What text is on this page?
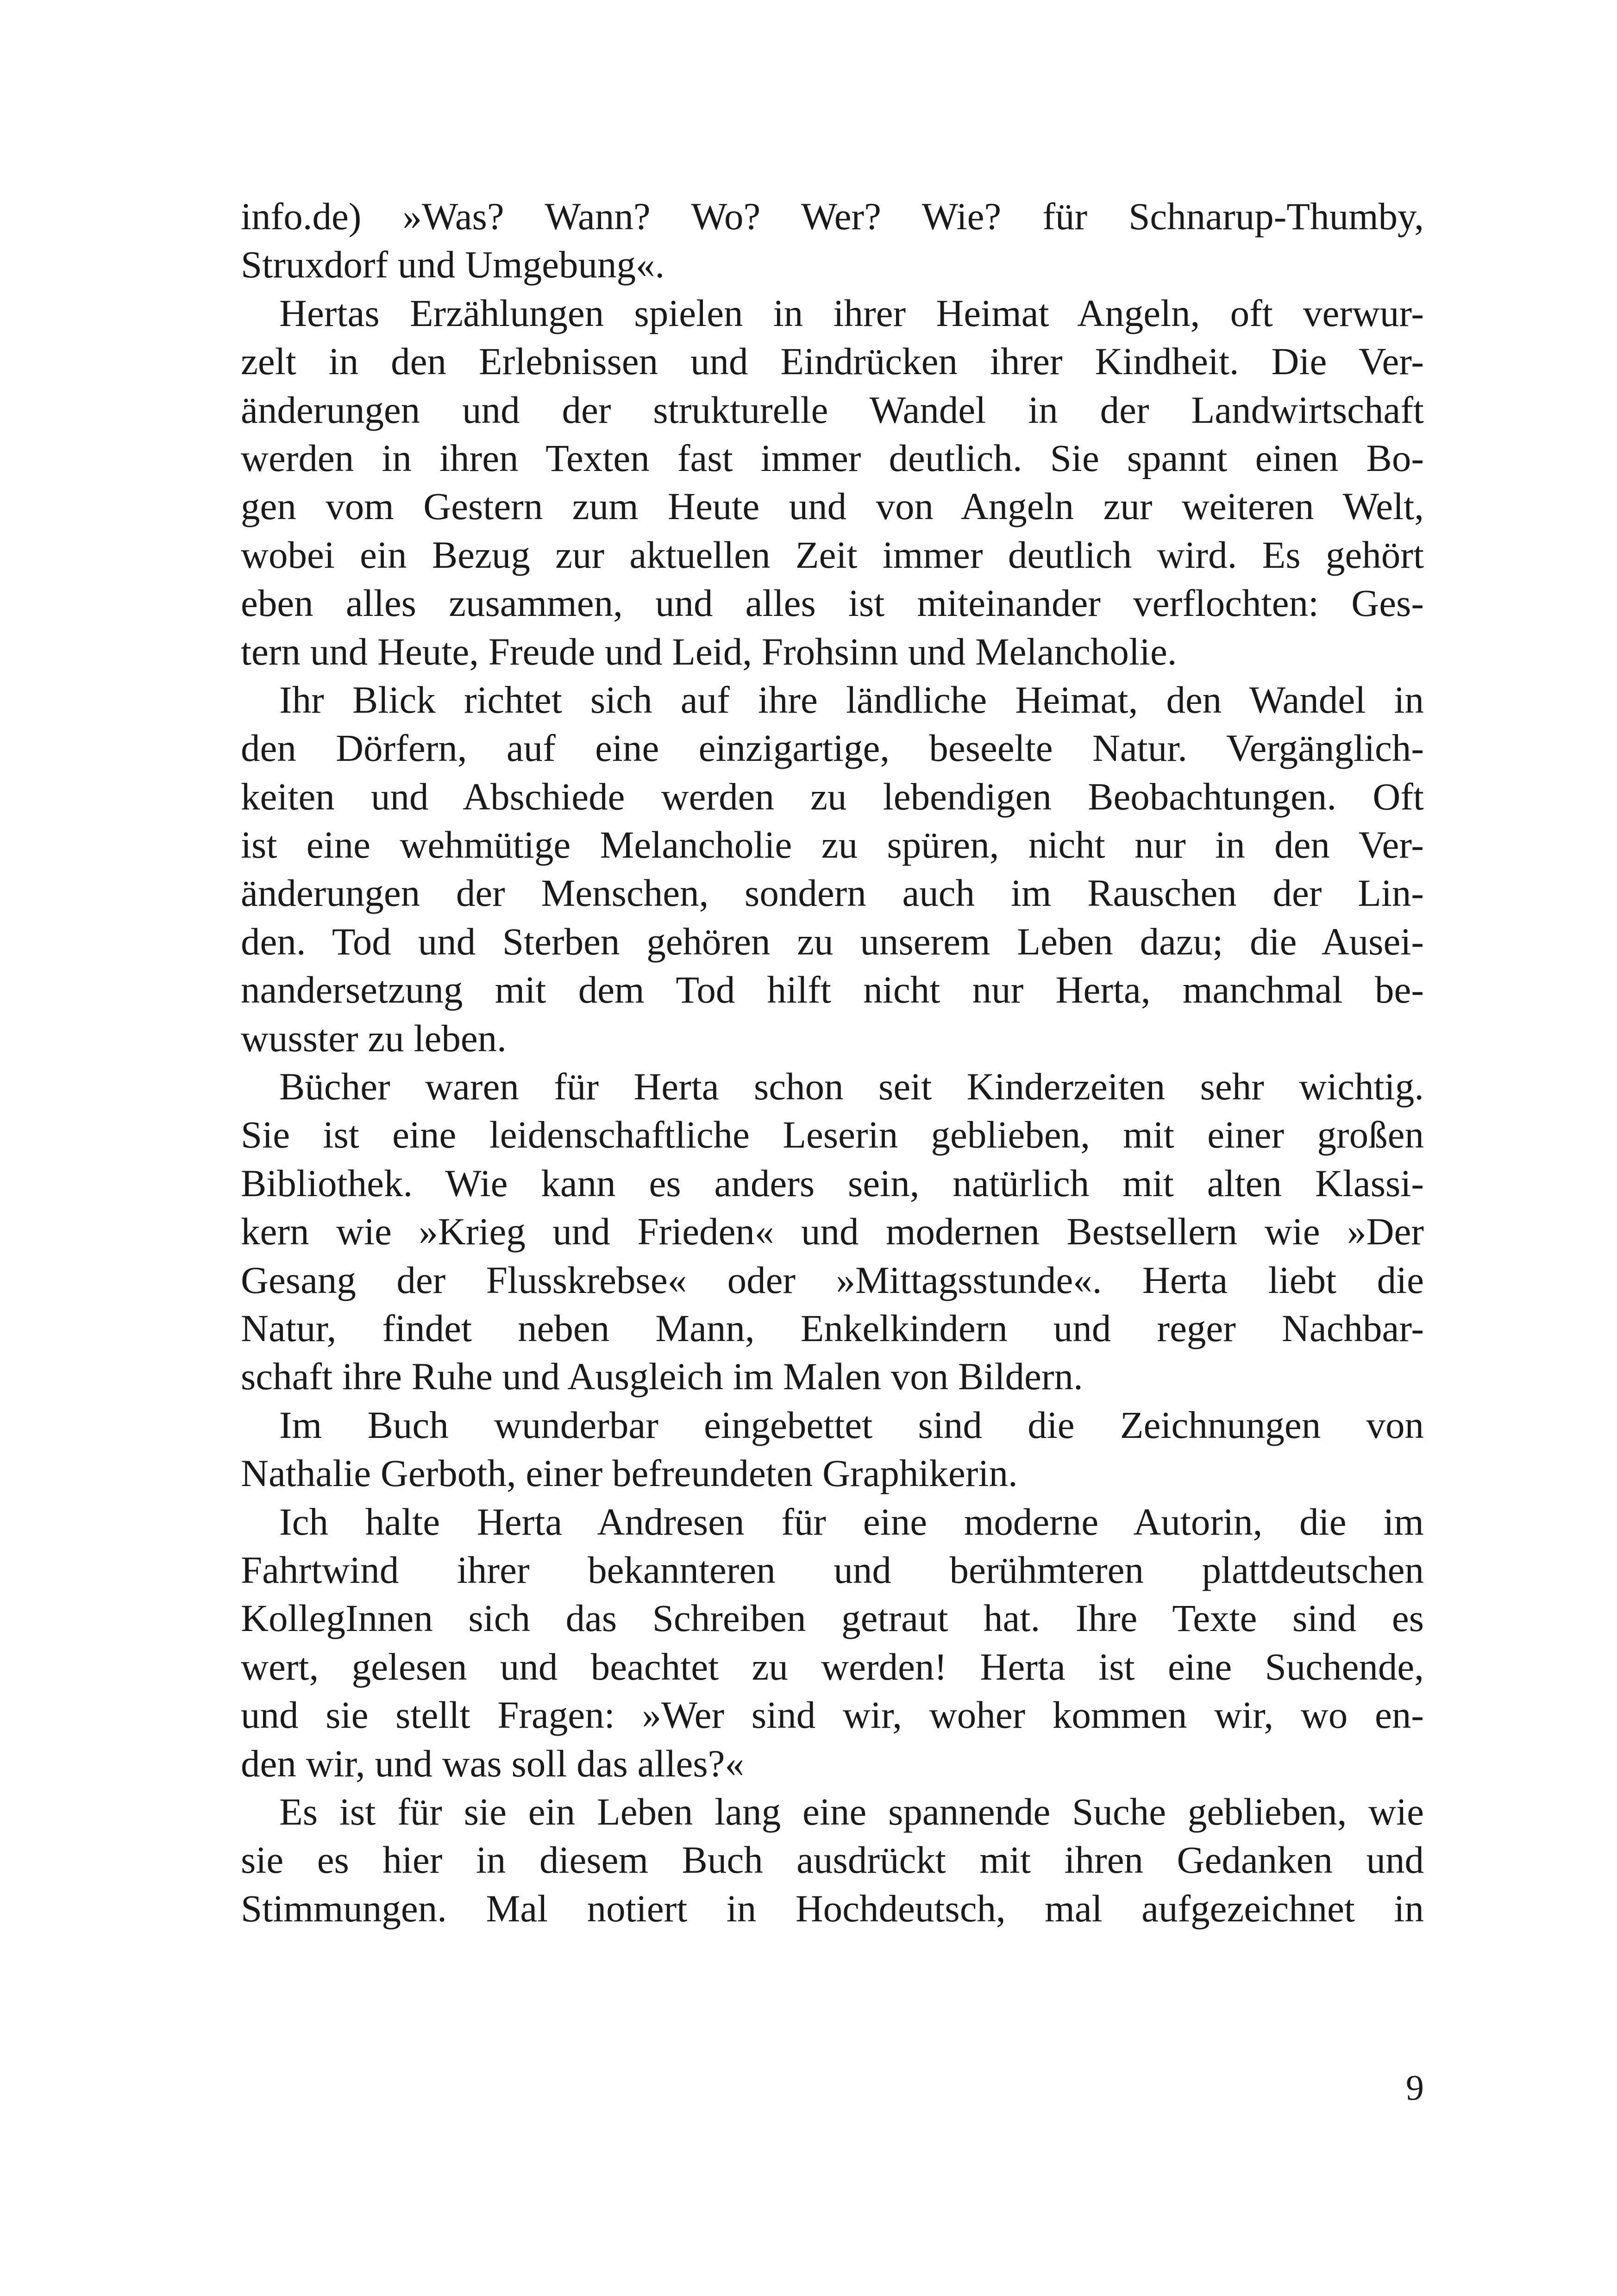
info.de) »Was? Wann? Wo? Wer? Wie? für Schnarup-Thumby,
Struxdorf und Umgebung«.
Hertas Erzählungen spielen in ihrer Heimat Angeln, oft verwur-
zelt in den Erlebnissen und Eindrücken ihrer Kindheit. Die Ver-
änderungen und der strukturelle Wandel in der Landwirtschaft
werden in ihren Texten fast immer deutlich. Sie spannt einen Bo-
gen vom Gestern zum Heute und von Angeln zur weiteren Welt,
wobei ein Bezug zur aktuellen Zeit immer deutlich wird. Es gehört
eben alles zusammen, und alles ist miteinander verflochten: Ges-
tern und Heute, Freude und Leid, Frohsinn und Melancholie.
Ihr Blick richtet sich auf ihre ländliche Heimat, den Wandel in
den Dörfern, auf eine einzigartige, beseelte Natur. Vergänglich-
keiten und Abschiede werden zu lebendigen Beobachtungen. Oft
ist eine wehmütige Melancholie zu spüren, nicht nur in den Ver-
änderungen der Menschen, sondern auch im Rauschen der Lin-
den. Tod und Sterben gehören zu unserem Leben dazu; die Ausei-
nandersetzung mit dem Tod hilft nicht nur Herta, manchmal be-
wusster zu leben.
Bücher waren für Herta schon seit Kinderzeiten sehr wichtig.
Sie ist eine leidenschaftliche Leserin geblieben, mit einer großen
Bibliothek. Wie kann es anders sein, natürlich mit alten Klassi-
kern wie »Krieg und Frieden« und modernen Bestsellern wie »Der
Gesang der Flusskrebse« oder »Mittagsstunde«. Herta liebt die
Natur, findet neben Mann, Enkelkindern und reger Nachbar-
schaft ihre Ruhe und Ausgleich im Malen von Bildern.
Im Buch wunderbar eingebettet sind die Zeichnungen von
Nathalie Gerboth, einer befreundeten Graphikerin.
Ich halte Herta Andresen für eine moderne Autorin, die im
Fahrtwind ihrer bekannteren und berühmteren plattdeutschen
KollegInnen sich das Schreiben getraut hat. Ihre Texte sind es
wert, gelesen und beachtet zu werden! Herta ist eine Suchende,
und sie stellt Fragen: »Wer sind wir, woher kommen wir, wo en-
den wir, und was soll das alles?«
Es ist für sie ein Leben lang eine spannende Suche geblieben, wie
sie es hier in diesem Buch ausdrückt mit ihren Gedanken und
Stimmungen. Mal notiert in Hochdeutsch, mal aufgezeichnet in
9
